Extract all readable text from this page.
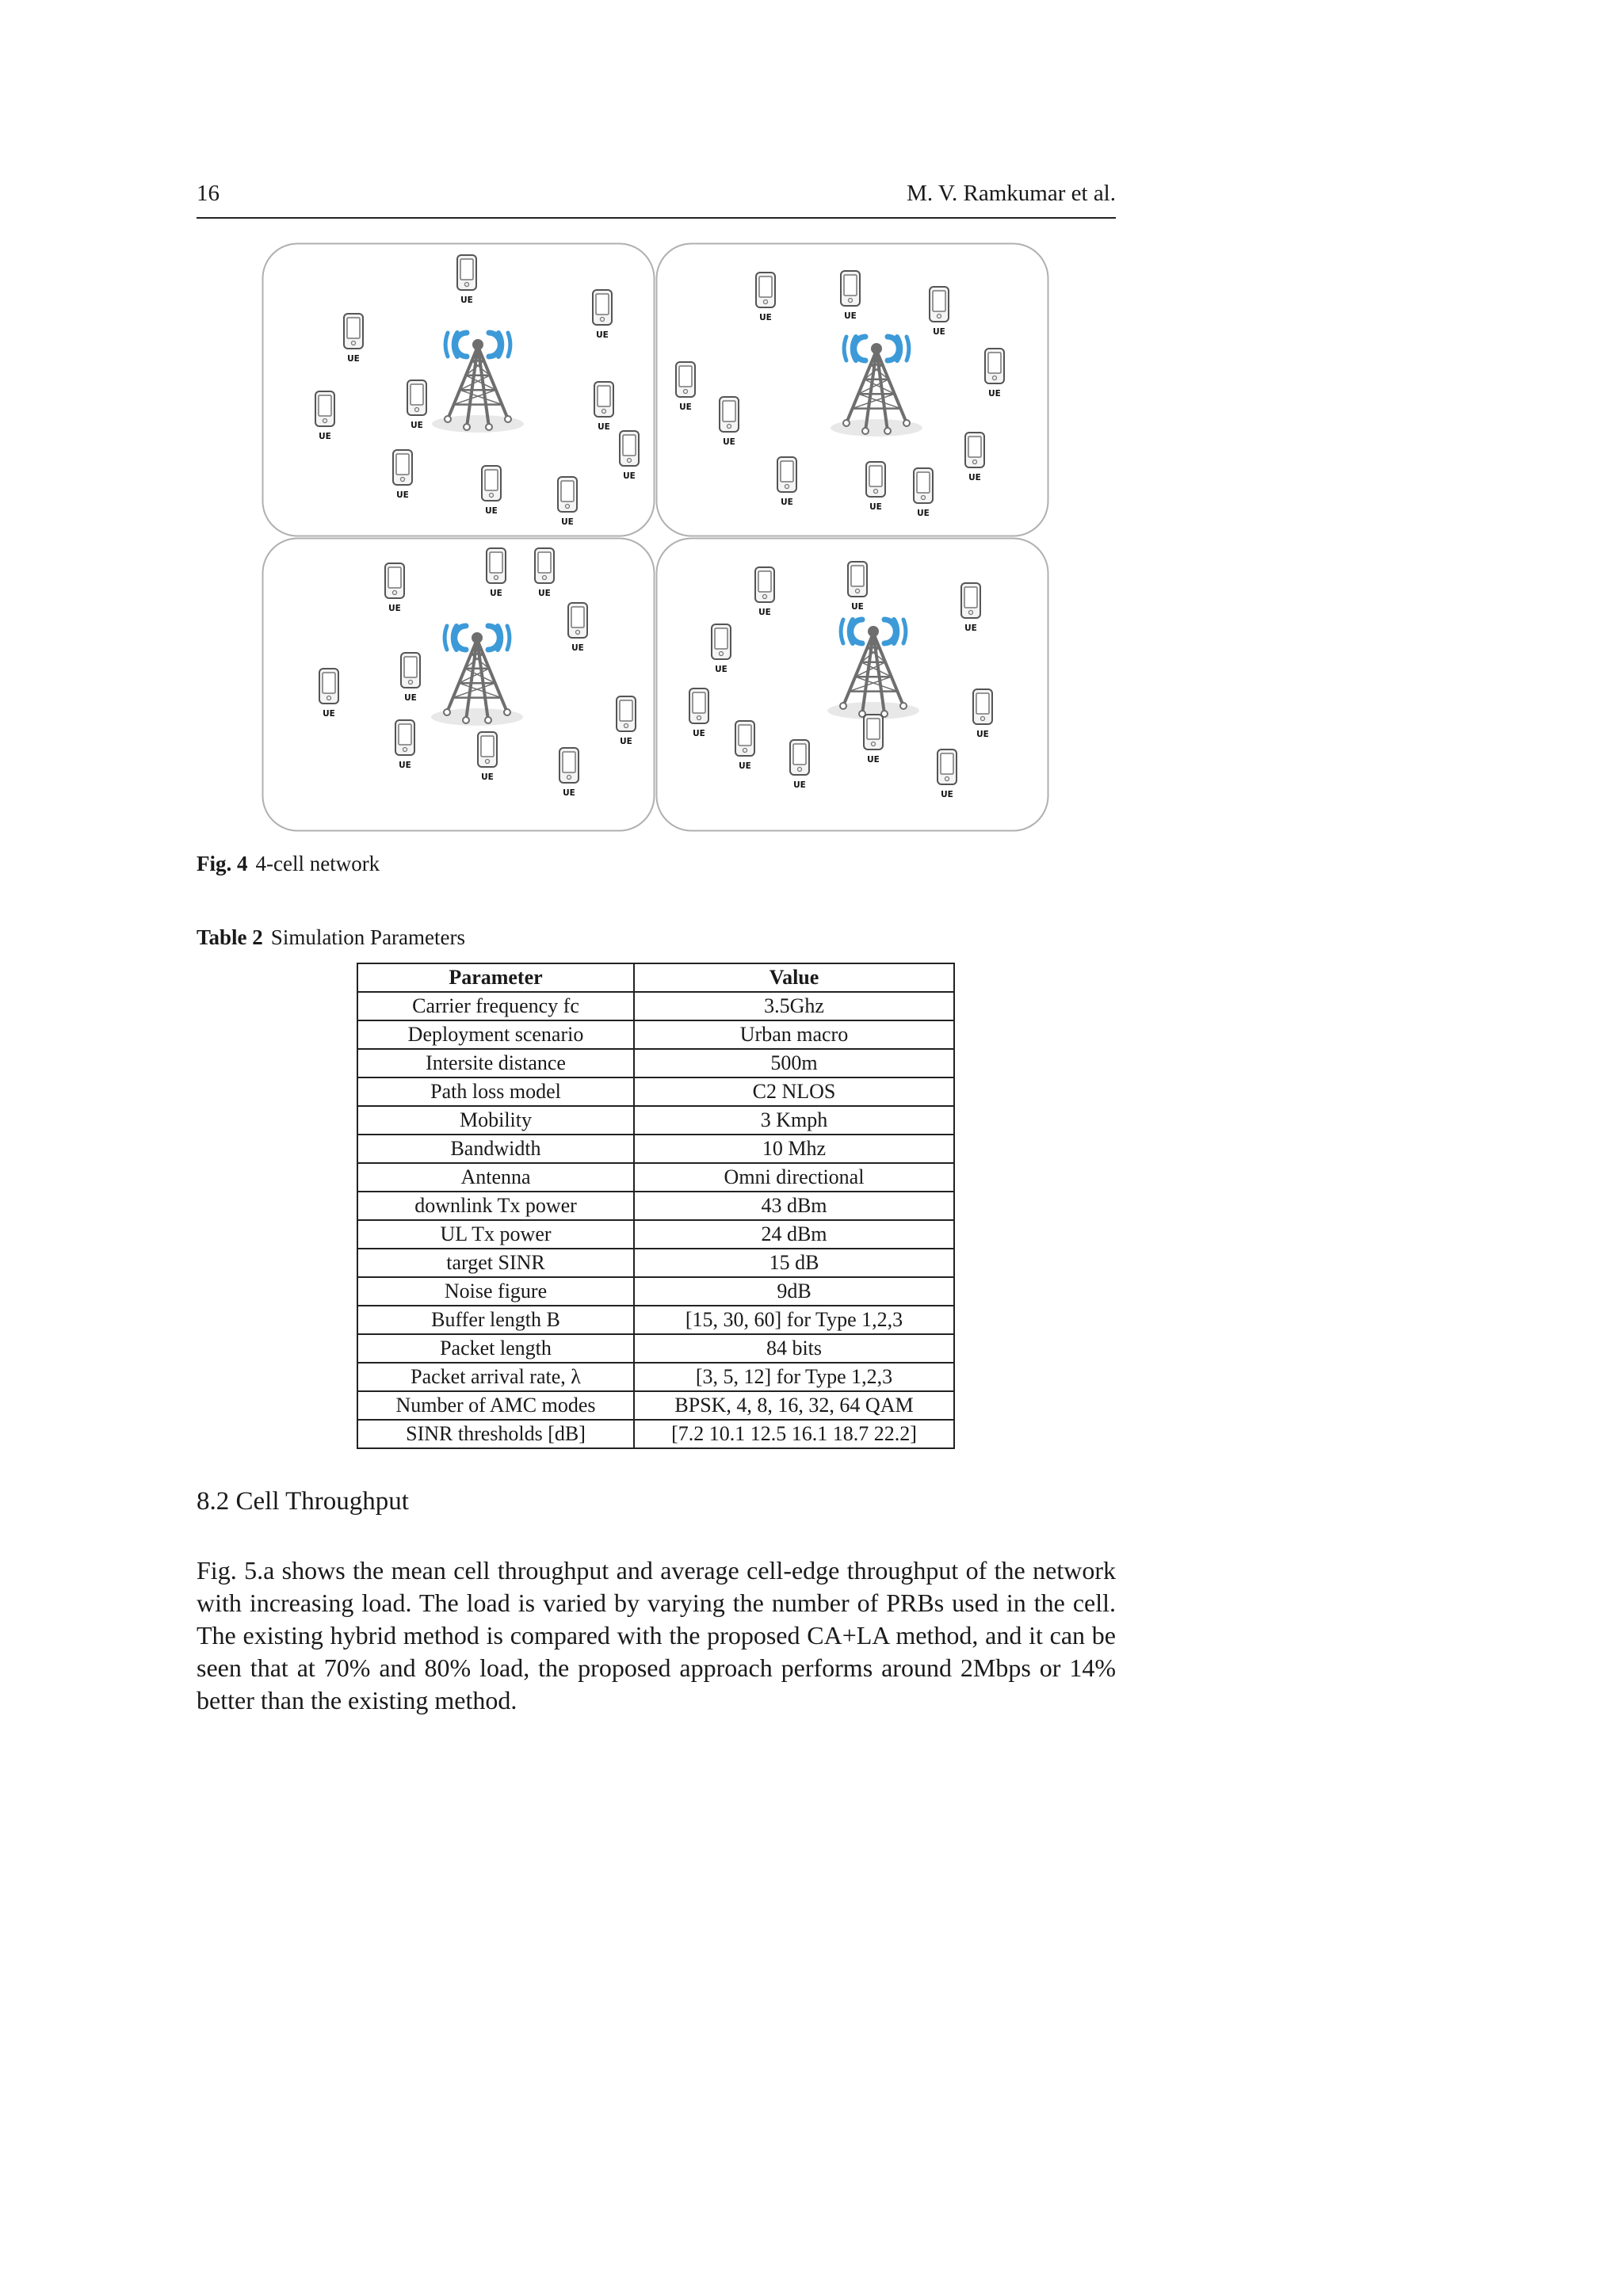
16	M. V. Ramkumar et al.
UE
UE
UE
UE
UE	UE
UE
UE
UE
UE
UE	UE
UE
UE
UE
UE
UE	UE
UE
UE
UE
UE	UE
UE
UE
UE
UE
UE
UE
UE
UE
UE
UE
UE
UE
UE
UE
UE
UE
UE
Fig. 4 4-cell network
Table 2 Simulation Parameters
Parameter	Value
Carrier frequency fc	3.5Ghz
Deployment scenario	Urban macro
Intersite distance	500m
Path loss model	C2 NLOS
Mobility	3 Kmph
Bandwidth	10 Mhz
Antenna	Omni directional
downlink Tx power	43 dBm
UL Tx power	24 dBm
target SINR	15 dB
Noise figure	9dB
Buffer length B	[15, 30, 60] for Type 1,2,3
Packet length	84 bits
Packet arrival rate, λ	[3, 5, 12] for Type 1,2,3
Number of AMC modes	BPSK, 4, 8, 16, 32, 64 QAM
SINR thresholds [dB]	[7.2 10.1 12.5 16.1 18.7 22.2]
8.2 Cell Throughput
Fig. 5.a shows the mean cell throughput and average cell-edge throughput of the network with increasing load. The load is varied by varying the number of PRBs used in the cell. The existing hybrid method is compared with the proposed CA+LA method, and it can be seen that at 70% and 80% load, the proposed approach performs around 2Mbps or 14% better than the existing method.
